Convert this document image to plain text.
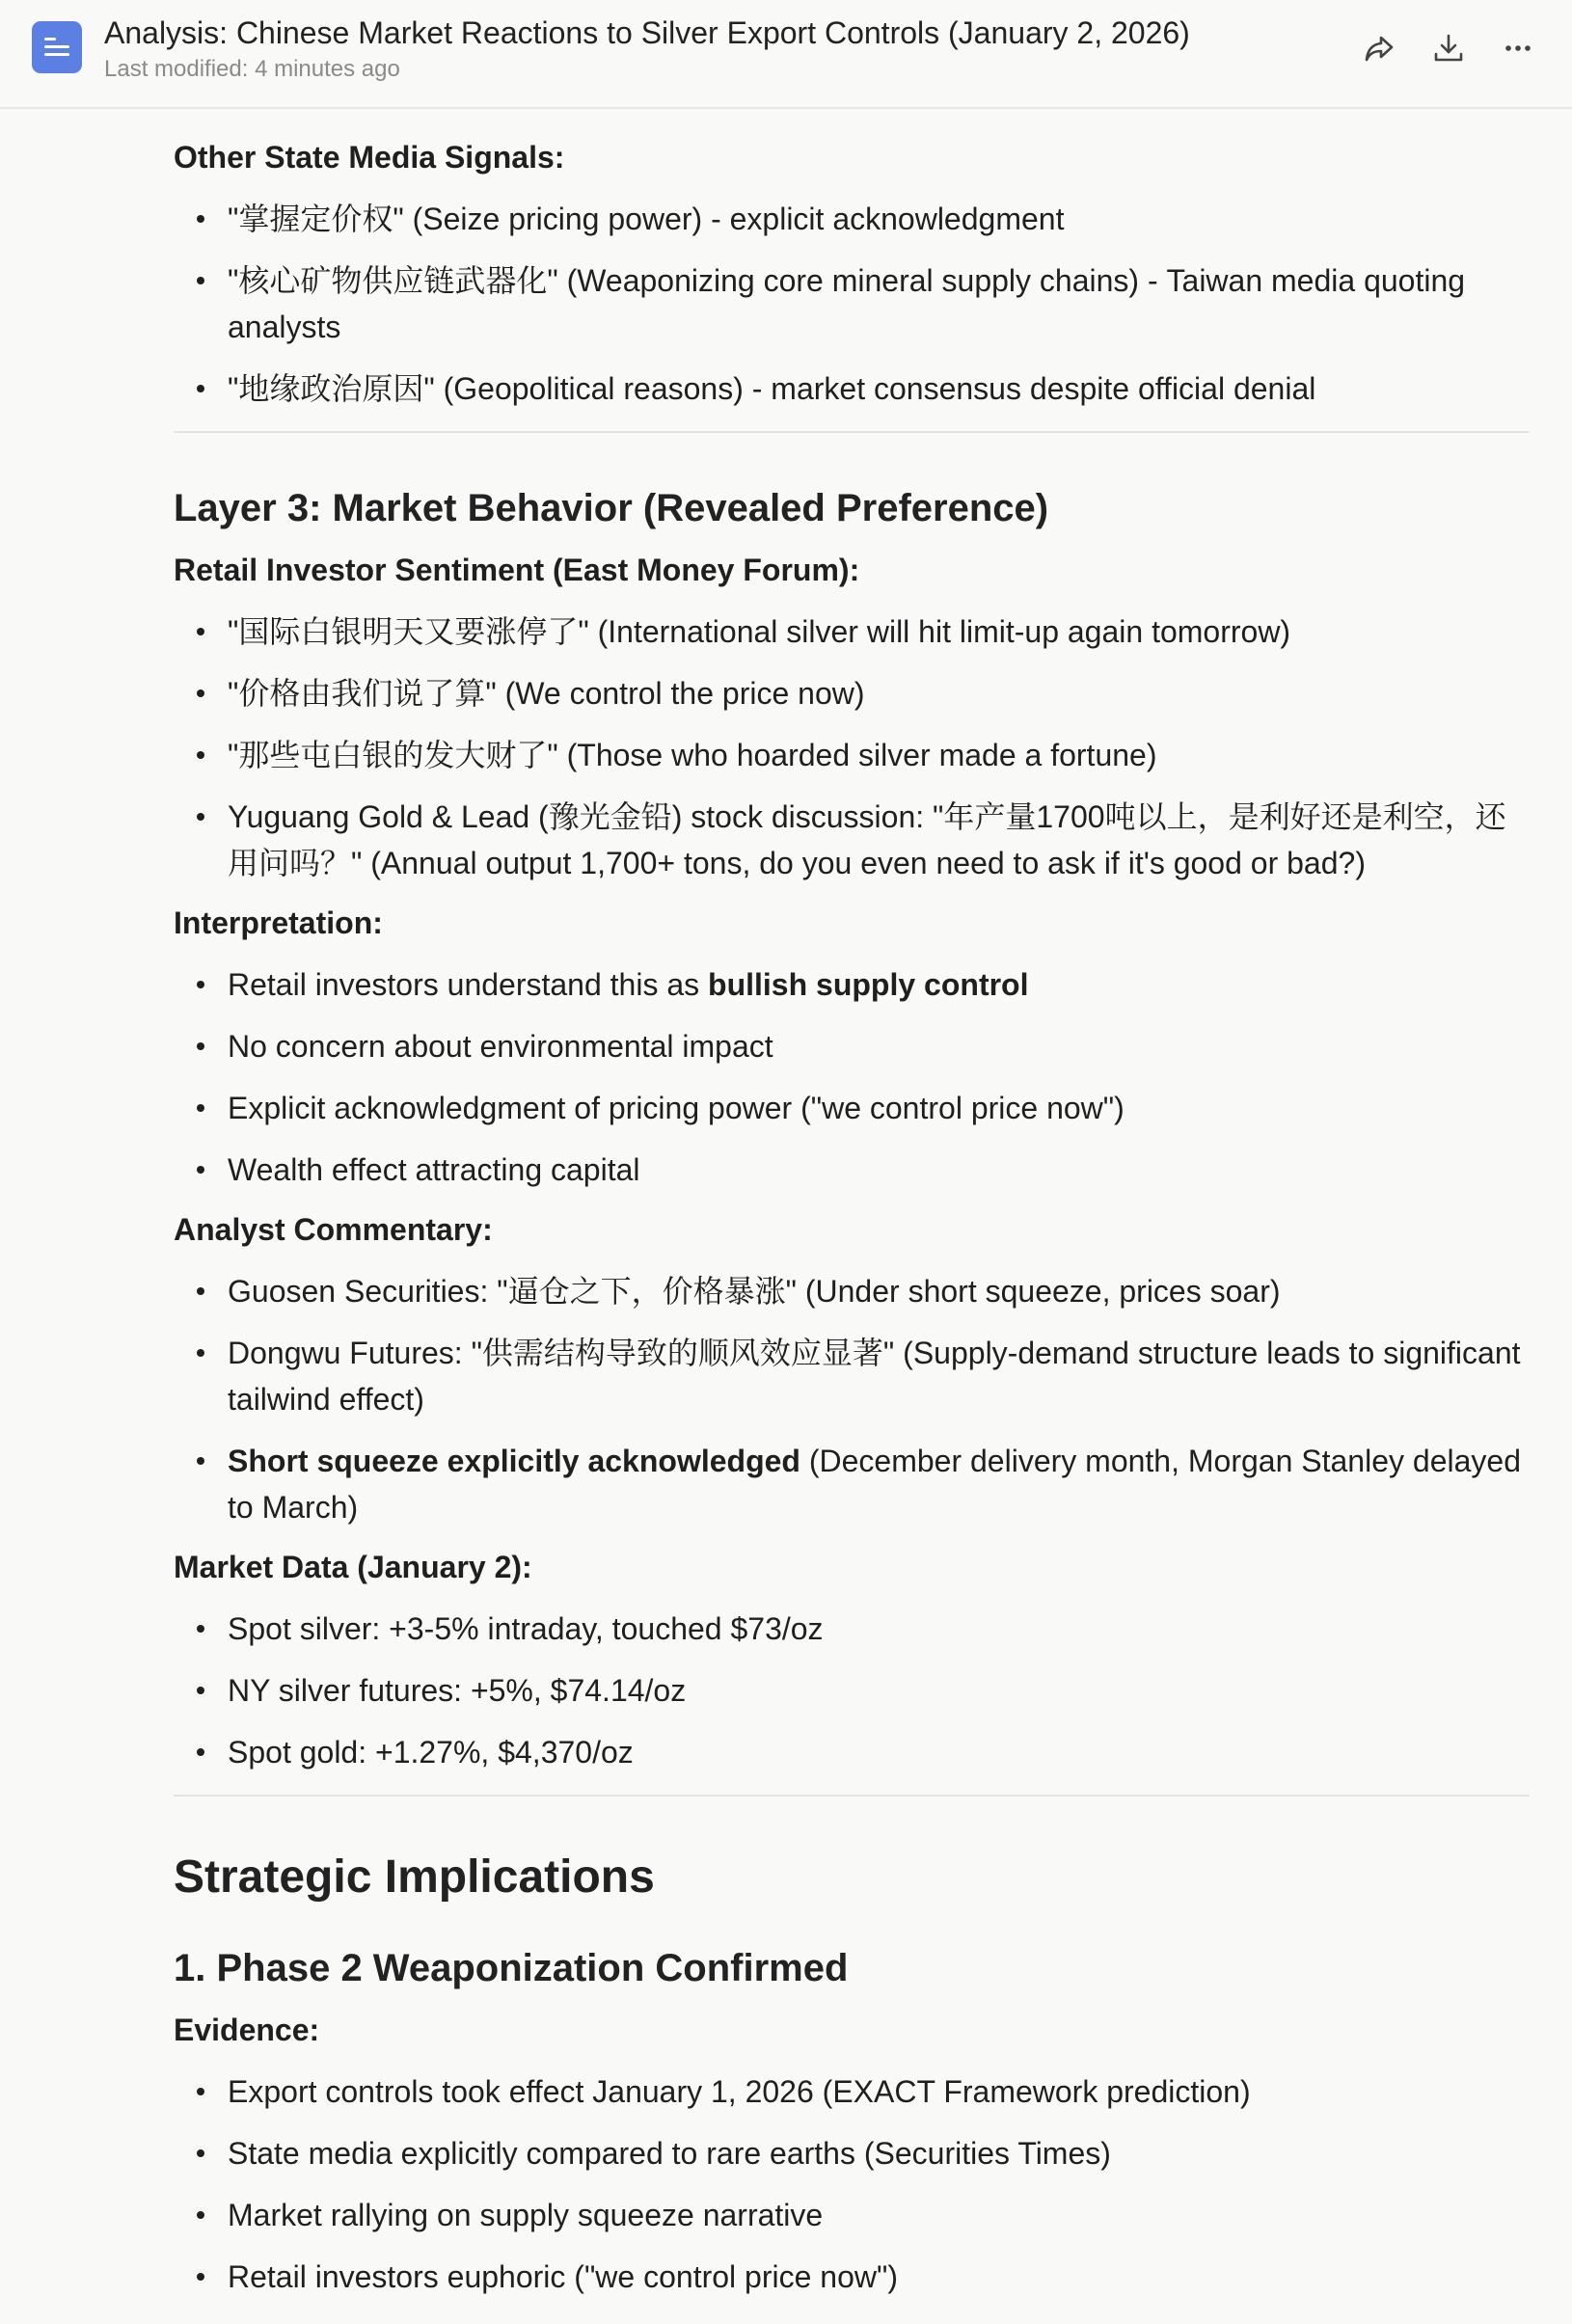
Analysis: Chinese Market Reactions to Silver Export Controls (January 2, 2026)
Last modified: 4 minutes ago

Other State Media Signals:

"掌握定价权" (Seize pricing power) - explicit acknowledgment
"核心矿物供应链武器化" (Weaponizing core mineral supply chains) - Taiwan media quoting analysts
"地缘政治原因" (Geopolitical reasons) - market consensus despite official denial
Layer 3: Market Behavior (Revealed Preference)

Retail Investor Sentiment (East Money Forum):

"国际白银明天又要涨停了" (International silver will hit limit-up again tomorrow)
"价格由我们说了算" (We control the price now)
"那些屯白银的发大财了" (Those who hoarded silver made a fortune)
Yuguang Gold & Lead (豫光金铅) stock discussion: "年产量1700吨以上，是利好还是利空，还用问吗？" (Annual output 1,700+ tons, do you even need to ask if it's good or bad?)

Interpretation:

Retail investors understand this as bullish supply control
No concern about environmental impact
Explicit acknowledgment of pricing power ("we control price now")
Wealth effect attracting capital

Analyst Commentary:

Guosen Securities: "逼仓之下，价格暴涨" (Under short squeeze, prices soar)
Dongwu Futures: "供需结构导致的顺风效应显著" (Supply-demand structure leads to significant tailwind effect)
Short squeeze explicitly acknowledged (December delivery month, Morgan Stanley delayed to March)

Market Data (January 2):

Spot silver: +3-5% intraday, touched $73/oz
NY silver futures: +5%, $74.14/oz
Spot gold: +1.27%, $4,370/oz
Strategic Implications
1. Phase 2 Weaponization Confirmed

Evidence:

Export controls took effect January 1, 2026 (EXACT Framework prediction)
State media explicitly compared to rare earths (Securities Times)
Market rallying on supply squeeze narrative
Retail investors euphoric ("we control price now")
